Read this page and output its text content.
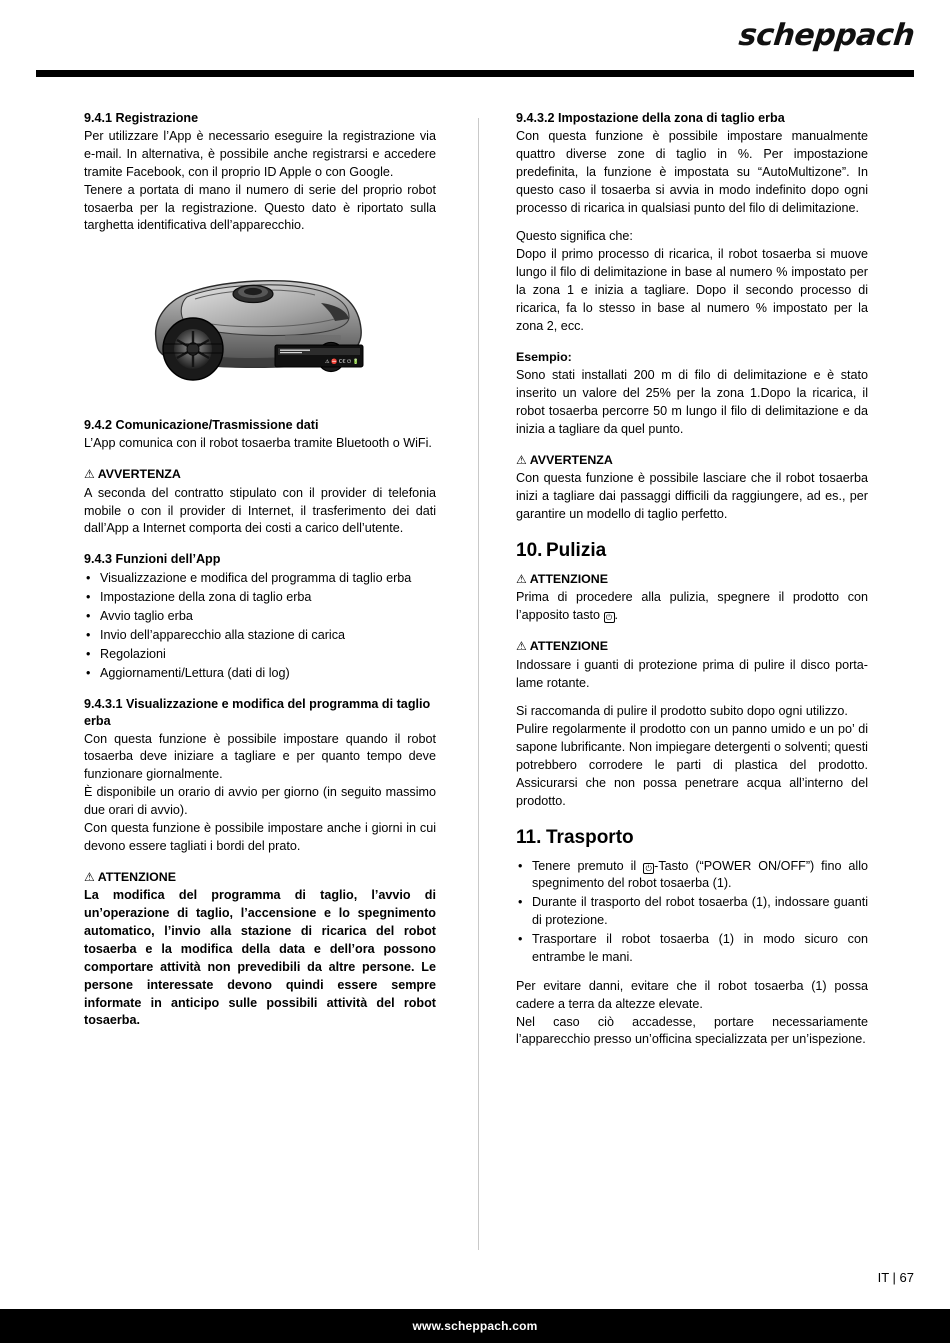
scheppach
9.4.1 Registrazione

Per utilizzare l’App è necessario eseguire la registrazione via e-mail. In alternativa, è possibile anche registrarsi e accedere tramite Facebook, con il proprio ID Apple o con Google.

Tenere a portata di mano il numero di serie del proprio robot tosaerba per la registrazione. Questo dato è riportato sulla targhetta identificativa dell’apparecchio.

⚠ ⛔ C€ ⏻ 🔋
9.4.2 Comunicazione/Trasmissione dati

L’App comunica con il robot tosaerba tramite Bluetooth o WiFi.

⚠ AVVERTENZA

A seconda del contratto stipulato con il provider di telefonia mobile o con il provider di Internet, il trasferimento dei dati dall’App a Internet comporta dei costi a carico dell’utente.

9.4.3 Funzioni dell’App
• Visualizzazione e modifica del programma di taglio erba
• Impostazione della zona di taglio erba
• Avvio taglio erba
• Invio dell’apparecchio alla stazione di carica
• Regolazioni
• Aggiornamenti/Lettura (dati di log)
9.4.3.1 Visualizzazione e modifica del programma di taglio erba

Con questa funzione è possibile impostare quando il robot tosaerba deve iniziare a tagliare e per quanto tempo deve funzionare giornalmente.

È disponibile un orario di avvio per giorno (in seguito massimo due orari di avvio).

Con questa funzione è possibile impostare anche i giorni in cui devono essere tagliati i bordi del prato.

⚠ ATTENZIONE

La modifica del programma di taglio, l’avvio di un’operazione di taglio, l’accensione e lo spegnimento automatico, l’invio alla stazione di ricarica del robot tosaerba e la modifica della data e dell’ora possono comportare attività non prevedibili da altre persone. Le persone interessate devono quindi essere sempre informate in anticipo sulle possibili attività del robot tosaerba.

9.4.3.2 Impostazione della zona di taglio erba

Con questa funzione è possibile impostare manualmente quattro diverse zone di taglio in %. Per impostazione predefinita, la funzione è impostata su “AutoMultizone”. In questo caso il tosaerba si avvia in modo indefinito dopo ogni processo di ricarica in qualsiasi punto del filo di delimitazione.

Questo significa che:

Dopo il primo processo di ricarica, il robot tosaerba si muove lungo il filo di delimitazione in base al numero % impostato per la zona 1 e inizia a tagliare. Dopo il secondo processo di ricarica, fa lo stesso in base al numero % impostato per la zona 2, ecc.

Esempio:

Sono stati installati 200 m di filo di delimitazione e è stato inserito un valore del 25% per la zona 1.Dopo la ricarica, il robot tosaerba percorre 50 m lungo il filo di delimitazione e da inizia a tagliare da quel punto.

⚠ AVVERTENZA

Con questa funzione è possibile lasciare che il robot tosaerba inizi a tagliare dai passaggi difficili da raggiungere, ad es., per garantire un modello di taglio perfetto.

10. Pulizia
⚠ ATTENZIONE

Prima di procedere alla pulizia, spegnere il prodotto con l’apposito tasto ⏻ .

⚠ ATTENZIONE

Indossare i guanti di protezione prima di pulire il disco porta-lame rotante.

Si raccomanda di pulire il prodotto subito dopo ogni utilizzo.

Pulire regolarmente il prodotto con un panno umido e un po’ di sapone lubrificante. Non impiegare detergenti o solventi; questi potrebbero corrodere le parti di plastica del prodotto. Assicurarsi che non possa penetrare acqua all’interno del prodotto.

11. Trasporto
• Tenere premuto il ⏻ -Tasto (“POWER ON/OFF”) fino allo spegnimento del robot tosaerba (1).
• Durante il trasporto del robot tosaerba (1), indossare guanti di protezione.
• Trasportare il robot tosaerba (1) in modo sicuro con entrambe le mani.

Per evitare danni, evitare che il robot tosaerba (1) possa cadere a terra da altezze elevate.

Nel caso ciò accadesse, portare necessariamente l’apparecchio presso un’officina specializzata per un’ispezione.

IT | 67
www.scheppach.com
